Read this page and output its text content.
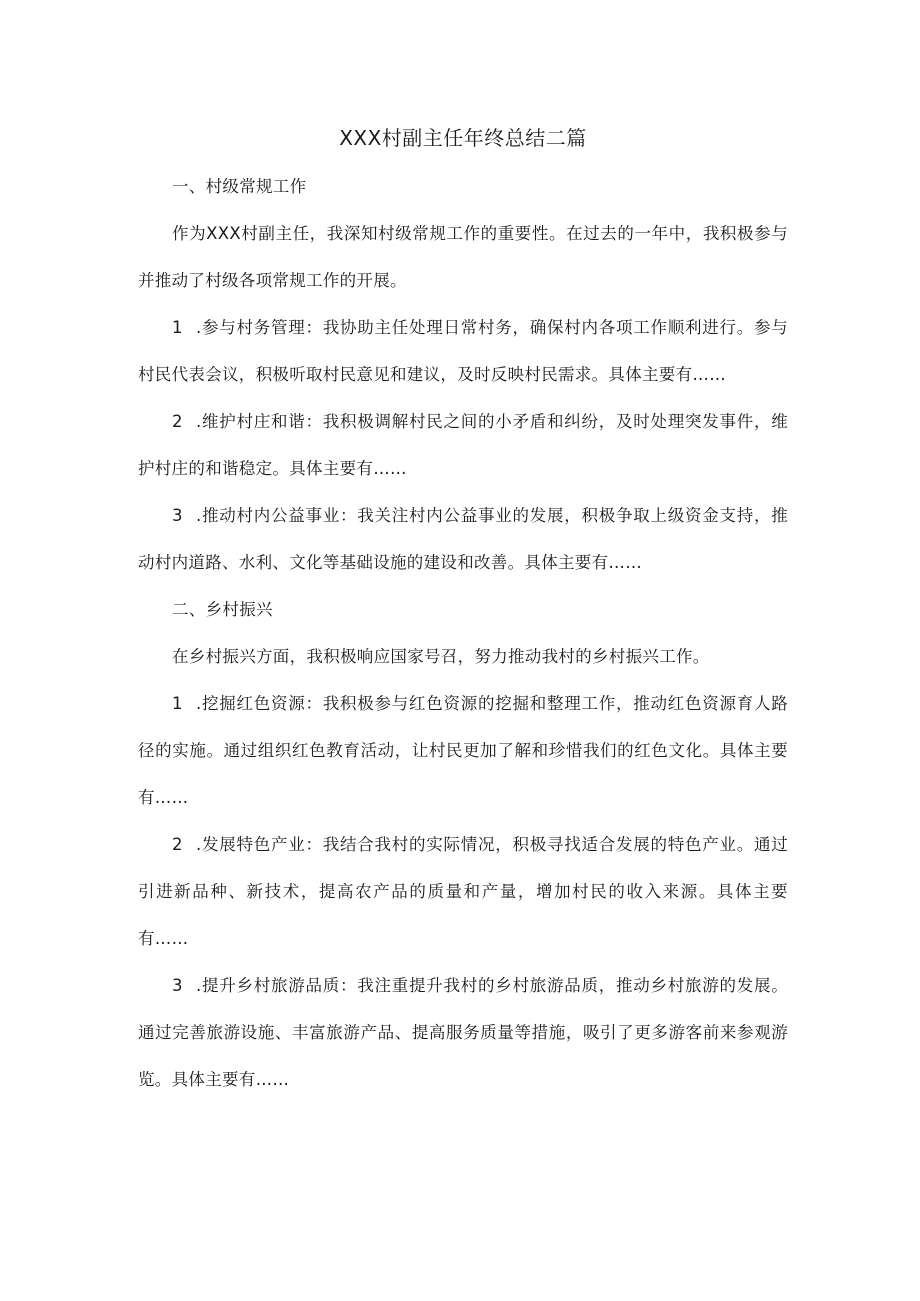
XXX村副主任年终总结二篇

一、村级常规工作

作为XXX村副主任，我深知村级常规工作的重要性。在过去的一年中，我积极参与并推动了村级各项常规工作的开展。

1 .参与村务管理：我协助主任处理日常村务，确保村内各项工作顺利进行。参与村民代表会议，积极听取村民意见和建议，及时反映村民需求。具体主要有……

2 .维护村庄和谐：我积极调解村民之间的小矛盾和纠纷，及时处理突发事件，维护村庄的和谐稳定。具体主要有……

3 .推动村内公益事业：我关注村内公益事业的发展，积极争取上级资金支持，推动村内道路、水利、文化等基础设施的建设和改善。具体主要有……

二、乡村振兴

在乡村振兴方面，我积极响应国家号召，努力推动我村的乡村振兴工作。

1 .挖掘红色资源：我积极参与红色资源的挖掘和整理工作，推动红色资源育人路径的实施。通过组织红色教育活动，让村民更加了解和珍惜我们的红色文化。具体主要有……

2 .发展特色产业：我结合我村的实际情况，积极寻找适合发展的特色产业。通过引进新品种、新技术，提高农产品的质量和产量，增加村民的收入来源。具体主要有……

3 .提升乡村旅游品质：我注重提升我村的乡村旅游品质，推动乡村旅游的发展。通过完善旅游设施、丰富旅游产品、提高服务质量等措施，吸引了更多游客前来参观游览。具体主要有……
